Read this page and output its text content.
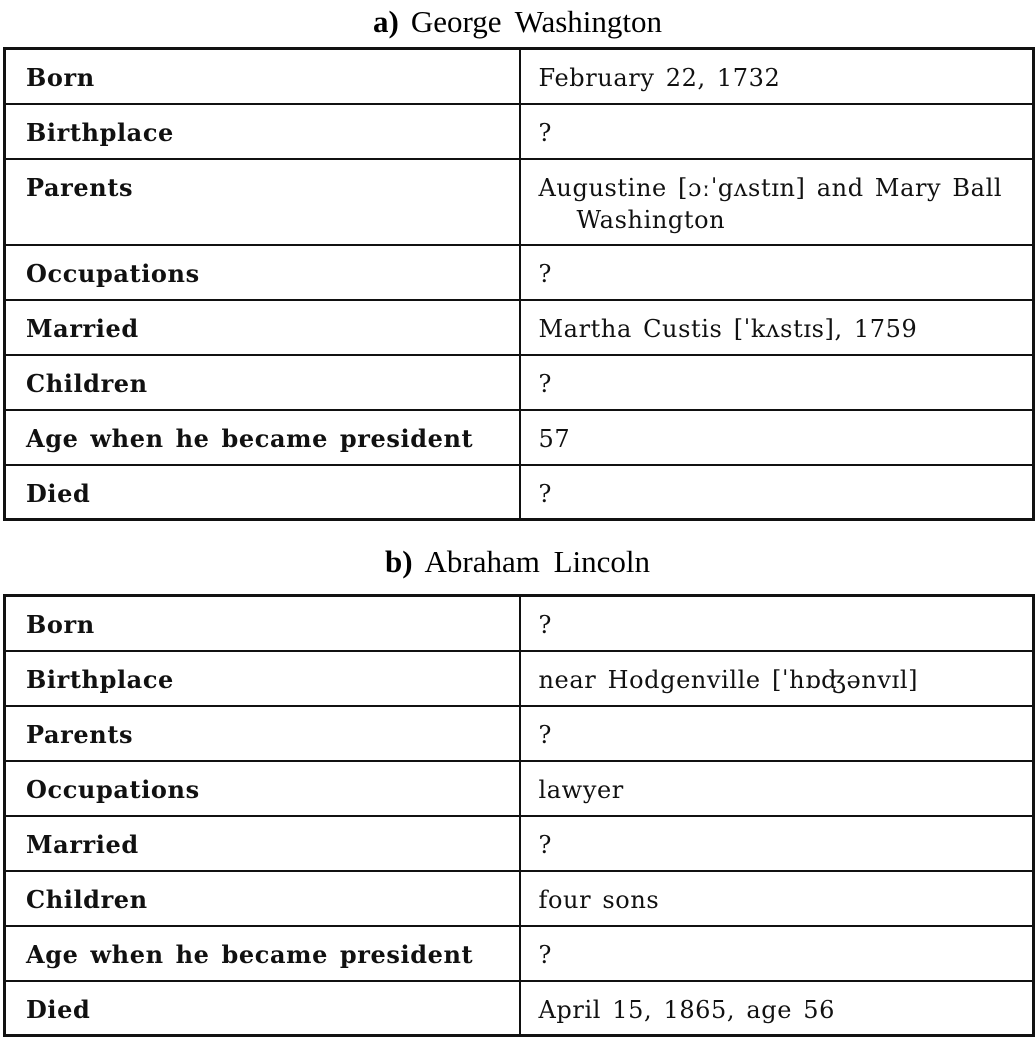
a) George Washington
Born	February 22, 1732
Birthplace	?
Parents	Augustine [ɔːˈgʌstɪn] and Mary Ball Washington

Occupations	?
Married	Martha Custis [ˈkʌstɪs], 1759
Children	?
Age when he became president	57
Died	?
b) Abraham Lincoln
Born	?
Birthplace	near Hodgenville [ˈhɒʤənvɪl]
Parents	?
Occupations	lawyer
Married	?
Children	four sons
Age when he became president	?
Died	April 15, 1865, age 56
